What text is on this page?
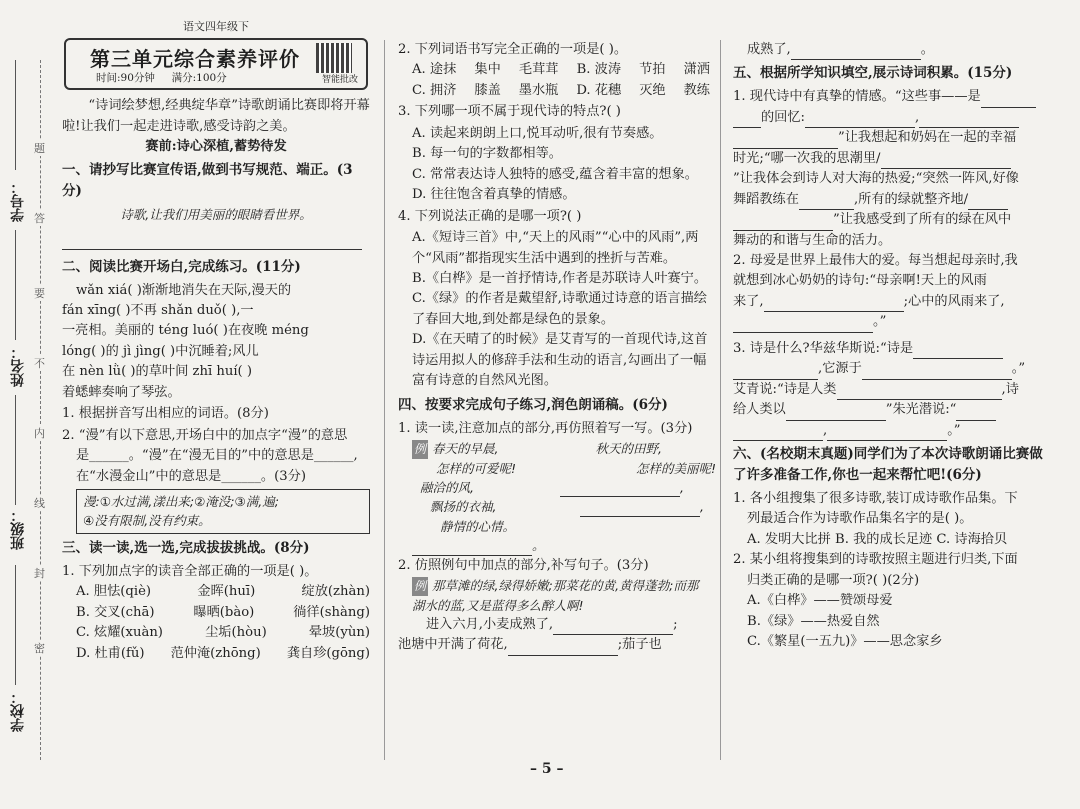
题
答
要
不
内
线
封
密
学号：
姓名：
班级：
学校：
语文四年级下
第三单元综合素养评价
时间:90分钟 满分:100分	智能批改

“诗词绘梦想,经典绽华章”诗歌朗诵比赛即将开幕啦!让我们一起走进诗歌,感受诗韵之美。

赛前:诗心深植,蓄势待发

一、请抄写比赛宣传语,做到书写规范、端正。(3分)

诗歌,让我们用美丽的眼睛看世界。

二、阅读比赛开场白,完成练习。(11分)

wǎn xiá( )渐渐地消失在天际,漫天的

fán xīng( )不再 shǎn duǒ( ),一

一亮相。美丽的 téng luó( )在夜晚 méng

lóng( )的 jì jìng( )中沉睡着;风儿

在 nèn lǜ( )的草叶间 zhī huí( )

着蟋蟀奏响了琴弦。

1. 根据拼音写出相应的词语。(8分)

2. “漫”有以下意思,开场白中的加点字“漫”的意思

是______。“漫”在“漫无目的”中的意思是______,

在“水漫金山”中的意思是______。(3分)

漫:①水过满,漾出来;②淹没;③满,遍;

④没有限制,没有约束。

三、读一读,选一选,完成拔拔挑战。(8分)

1. 下列加点字的读音全部正确的一项是( )。

A. 胆怯(qiè)	金晖(huī)	绽放(zhàn)
B. 交叉(chā)	曝晒(bào)	徜徉(shàng)
C. 炫耀(xuàn)	尘垢(hòu)	晕坡(yùn)
D. 杜甫(fǔ) 范仲淹(zhōng) 龚自珍(gōng)

2. 下列词语书写完全正确的一项是( )。

A. 途抹 集中 毛茸茸 B. 波涛 节拍 潇洒
C. 拥济 膝盖 墨水瓶 D. 花穗 灭绝 教练

3. 下列哪一项不属于现代诗的特点?( )

A. 读起来朗朗上口,悦耳动听,很有节奏感。

B. 每一句的字数都相等。

C. 常常表达诗人独特的感受,蕴含着丰富的想象。

D. 往往饱含着真挚的情感。

4. 下列说法正确的是哪一项?( )

A.《短诗三首》中,“天上的风雨”“心中的风雨”,两个“风雨”都指现实生活中遇到的挫折与苦难。

B.《白桦》是一首抒情诗,作者是苏联诗人叶赛宁。

C.《绿》的作者是戴望舒,诗歌通过诗意的语言描绘了春回大地,到处都是绿色的景象。

D.《在天晴了的时候》是艾青写的一首现代诗,这首诗运用拟人的修辞手法和生动的语言,勾画出了一幅富有诗意的自然风光图。

四、按要求完成句子练习,润色朗诵稿。(6分)

1. 读一读,注意加点的部分,再仿照着写一写。(3分)

例 春天的早晨,	秋天的田野,
怎样的可爱呢!	怎样的美丽呢!
融洽的风,	,
飘扬的衣袖,	,
静情的心情。。

2. 仿照例句中加点的部分,补写句子。(3分)

例 那草滩的绿,绿得娇嫩;那菜花的黄,黄得蓬勃;而那湖水的蓝,又是蓝得多么醉人啊!

进入六月,小麦成熟了,	;

池塘中开满了荷花,	;茄子也

成熟了,	。

五、根据所学知识填空,展示诗词积累。(15分)

1. 现代诗中有真挚的情感。“这些事——是

的回忆:	,

”让我想起和奶妈在一起的幸福

时光;“哪一次我的思潮里/

”让我体会到诗人对大海的热爱;“突然一阵风,好像

舞蹈教练在	,所有的绿就整齐地/

”让我感受到了所有的绿在风中

舞动的和谐与生命的活力。

2. 母爱是世界上最伟大的爱。每当想起母亲时,我

就想到冰心奶奶的诗句:“母亲啊!天上的风雨

来了,	;心中的风雨来了,

。”

3. 诗是什么?华兹华斯说:“诗是

,它源于	。”

艾青说:“诗是人类	,诗

给人类以	”朱光潜说:“

,	。”

六、(名校期末真题)同学们为了本次诗歌朗诵比赛做了许多准备工作,你也一起来帮忙吧!(6分)

1. 各小组搜集了很多诗歌,装订成诗歌作品集。下

列最适合作为诗歌作品集名字的是( )。

A. 发明大比拼 B. 我的成长足迹 C. 诗海拾贝

2. 某小组将搜集到的诗歌按照主题进行归类,下面

归类正确的是哪一项?( )(2分)

A.《白桦》——赞颂母爱

B.《绿》——热爱自然

C.《繁星(一五九)》——思念家乡

– 5 –
